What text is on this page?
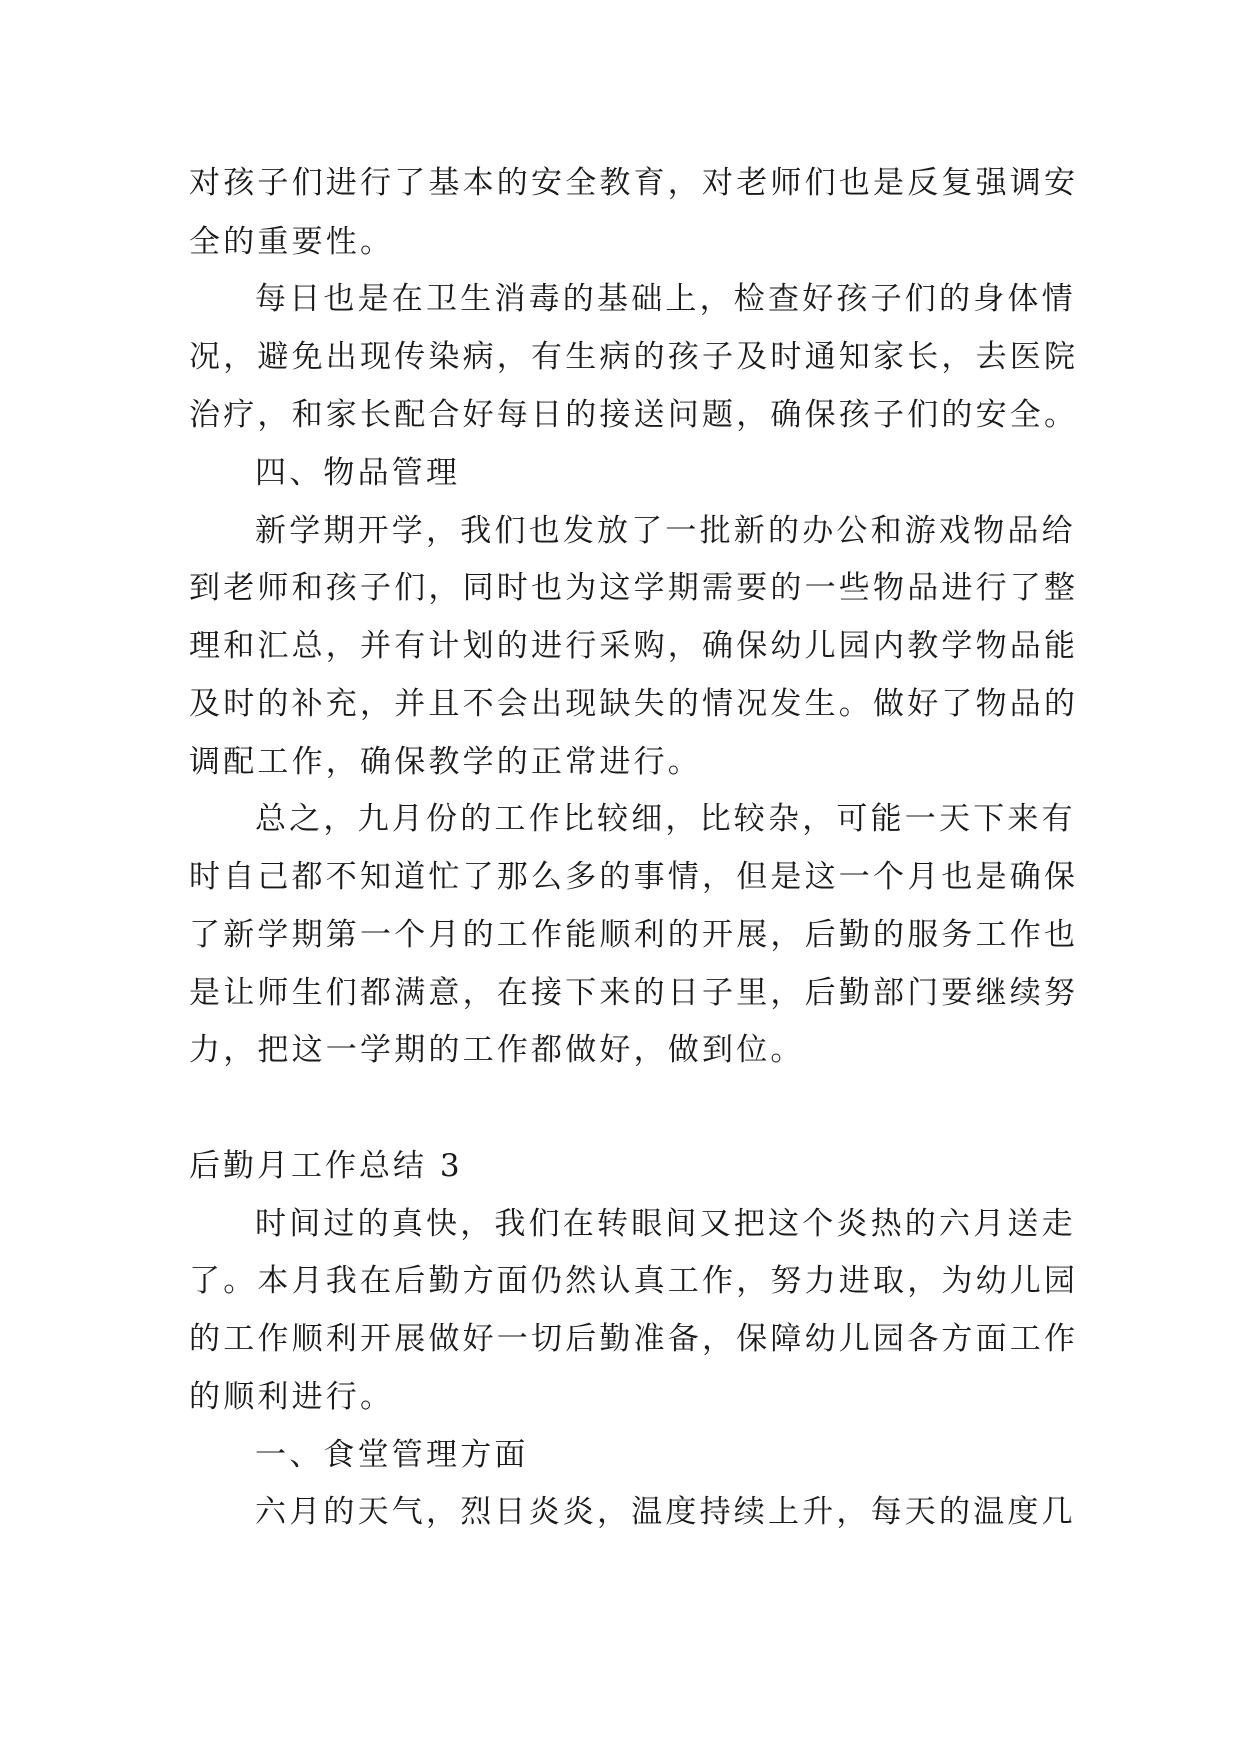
对孩子们进行了基本的安全教育，对老师们也是反复强调安

全的重要性。

每日也是在卫生消毒的基础上，检查好孩子们的身体情

况，避免出现传染病，有生病的孩子及时通知家长，去医院

治疗，和家长配合好每日的接送问题，确保孩子们的安全。

四、物品管理

新学期开学，我们也发放了一批新的办公和游戏物品给

到老师和孩子们，同时也为这学期需要的一些物品进行了整

理和汇总，并有计划的进行采购，确保幼儿园内教学物品能

及时的补充，并且不会出现缺失的情况发生。做好了物品的

调配工作，确保教学的正常进行。

总之，九月份的工作比较细，比较杂，可能一天下来有

时自己都不知道忙了那么多的事情，但是这一个月也是确保

了新学期第一个月的工作能顺利的开展，后勤的服务工作也

是让师生们都满意，在接下来的日子里，后勤部门要继续努

力，把这一学期的工作都做好，做到位。

后勤月工作总结 3

时间过的真快，我们在转眼间又把这个炎热的六月送走

了。本月我在后勤方面仍然认真工作，努力进取，为幼儿园

的工作顺利开展做好一切后勤准备，保障幼儿园各方面工作

的顺利进行。

一、食堂管理方面

六月的天气，烈日炎炎，温度持续上升，每天的温度几
